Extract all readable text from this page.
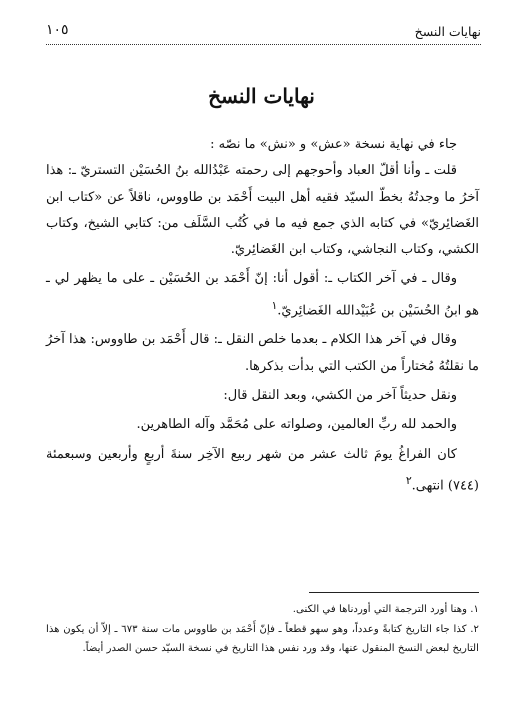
نهايات النسخ
١٠٥
نهايات النسخ

جاء في نهاية نسخة «عش» و «نش» ما نصّه :

قلت ـ وأنا أقلّ العباد وأحوجهم إلى رحمته عَبْدُالله بنُ الحُسَيْن التستريّ ـ: هذا آخرُ ما وجدتُهُ بخطّ السيّد فقيه أهل البيت أَحْمَد بن طاووس، ناقلاً عن «كتاب ابن الغَضائِريّ» في كتابه الذي جمع فيه ما في كُتُب السَّلَف من: كتابي الشيخ، وكتاب الكشي، وكتاب النجاشي، وكتاب ابن الغَضائِريّ.

وقال ـ في آخر الكتاب ـ: أقول أنا: إنّ أَحْمَد بن الحُسَيْن ـ على ما يظهر لي ـ هو ابنُ الحُسَيْن بن عُبَيْدالله الغَضائِريّ.$^١$

وقال في آخر هذا الكلام ـ بعدما خلص النقل ـ: قال أَحْمَد بن طاووس: هذا آخرُ ما نقلتُهُ مُختاراً من الكتب التي بدأت بذكرها.

ونقل حديثاً آخر من الكشي، وبعد النقل قال:

والحمد لله ربِّ العالمين، وصلواته على مُحَمَّد وآله الطاهرين.

كان الفراغُ يومَ ثالث عشر من شهر ربيع الآخِر سنةَ أربعٍ وأربعين وسبعمئة (٧٤٤) انتهى.$^٢$

١. وهنا أورد الترجمة التي أوردناها في الكنى.

٢. كذا جاء التاريخ كتابةً وعدداً، وهو سهو قطعاً ـ فإنّ أَحْمَد بن طاووس مات سنة ٦٧٣ ـ إلاّ أن يكون هذا التاريخ لبعض النسخ المنقول عنها، وقد ورد نفس هذا التاريخ في نسخة السيّد حسن الصدر أيضاً.
